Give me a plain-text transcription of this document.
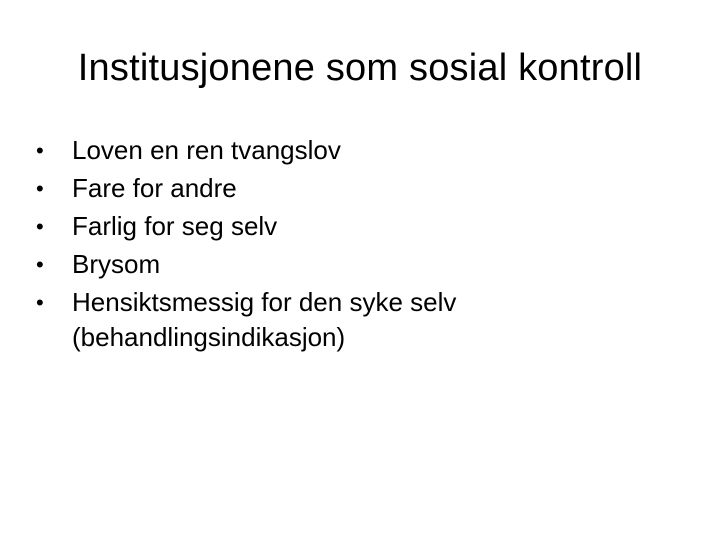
Institusjonene som sosial kontroll
•	Loven en ren tvangslov
•	Fare for andre
•	Farlig for seg selv
•	Brysom
•	Hensiktsmessig for den syke selv (behandlingsindikasjon)
